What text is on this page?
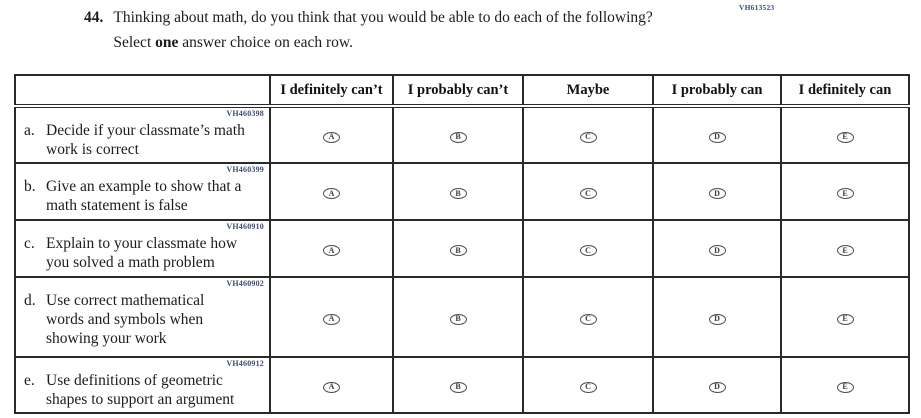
VH613523
44. Thinking about math, do you think that you would be able to do each of the following?
Select one answer choice on each row.
	I definitely can’t	I probably can’t	Maybe	I probably can	I definitely can

VH460398
a. Decide if your classmate’s math
work is correct	A	B	C	D	E

VH460399
b. Give an example to show that a
math statement is false	A	B	C	D	E

VH460910
c. Explain to your classmate how
you solved a math problem	A	B	C	D	E

VH460902
d. Use correct mathematical
words and symbols when
showing your work	A	B	C	D	E

VH460912
e. Use definitions of geometric
shapes to support an argument	A	B	C	D	E
